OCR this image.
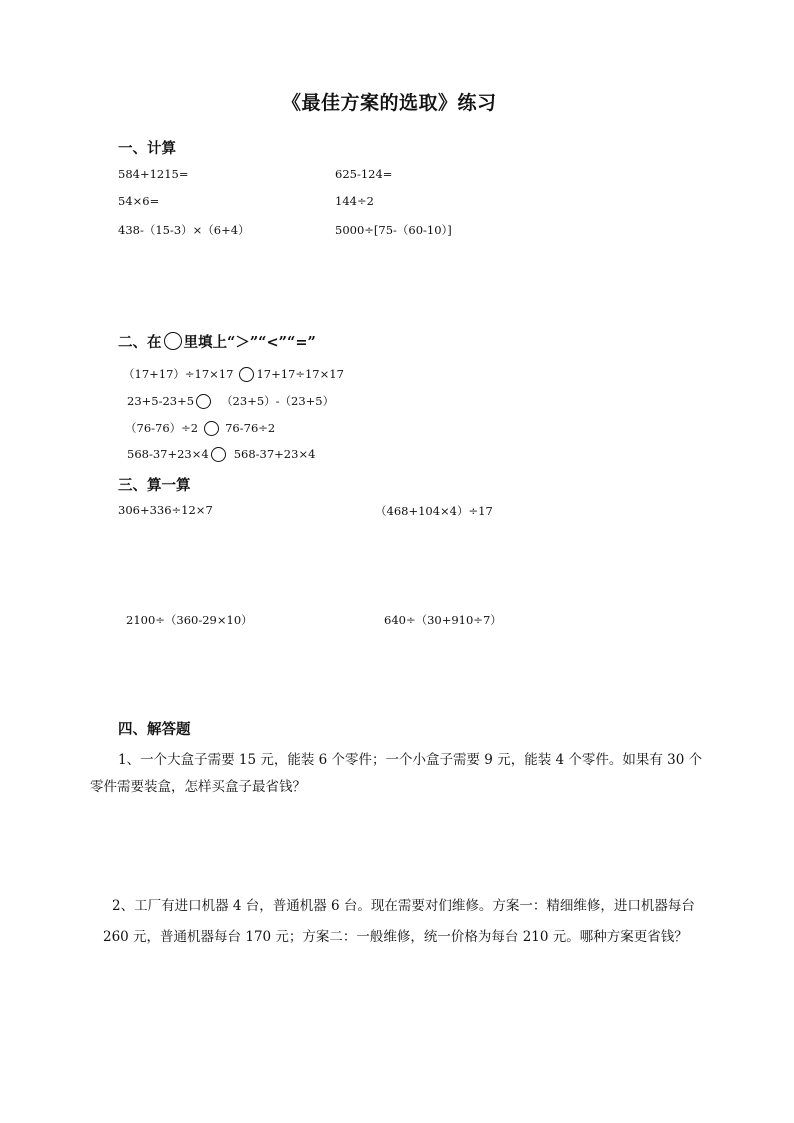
《最佳方案的选取》练习
一、计算
584+1215=	625-124=
54×6=	144÷2
438-（15-3）×（6+4）	5000÷[75-（60-10）]
二、在 里填上“＞”“<”“=”
（17+17）÷17×17 17+17÷17×17
23+5-23+5 （23+5）-（23+5）
（76-76）÷2 76-76÷2
568-37+23×4 568-37+23×4
三、算一算
306+336÷12×7	（468+104×4）÷17
2100÷（360-29×10）	640÷（30+910÷7）
四、解答题
1、一个大盒子需要 15 元，能装 6 个零件；一个小盒子需要 9 元，能装 4 个零件。如果有 30 个
零件需要装盒，怎样买盒子最省钱？
2、工厂有进口机器 4 台，普通机器 6 台。现在需要对们维修。方案一：精细维修，进口机器每台
260 元，普通机器每台 170 元；方案二：一般维修，统一价格为每台 210 元。哪种方案更省钱？
